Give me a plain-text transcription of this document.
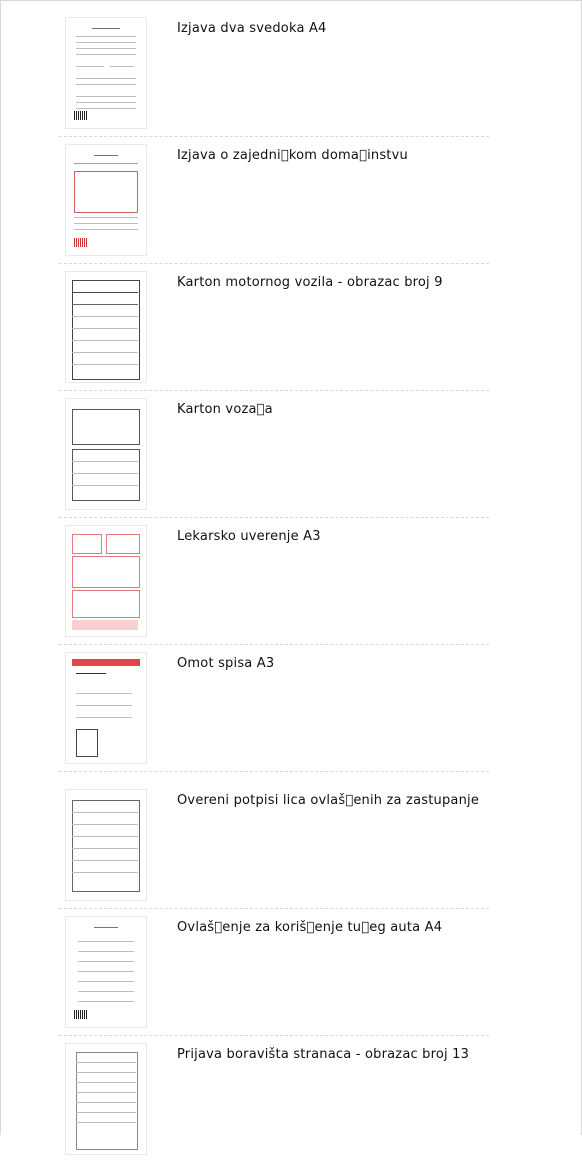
Izjava dva svedoka A4
Izjava o zajedni kom doma instvu
Karton motornog vozila - obrazac broj 9
Karton voza a
Lekarsko uverenje A3
Omot spisa A3
Overeni potpisi lica ovlaš enih za zastupanje
Ovlaš enje za koriš enje tu eg auta A4
Prijava boravišta stranaca - obrazac broj 13
